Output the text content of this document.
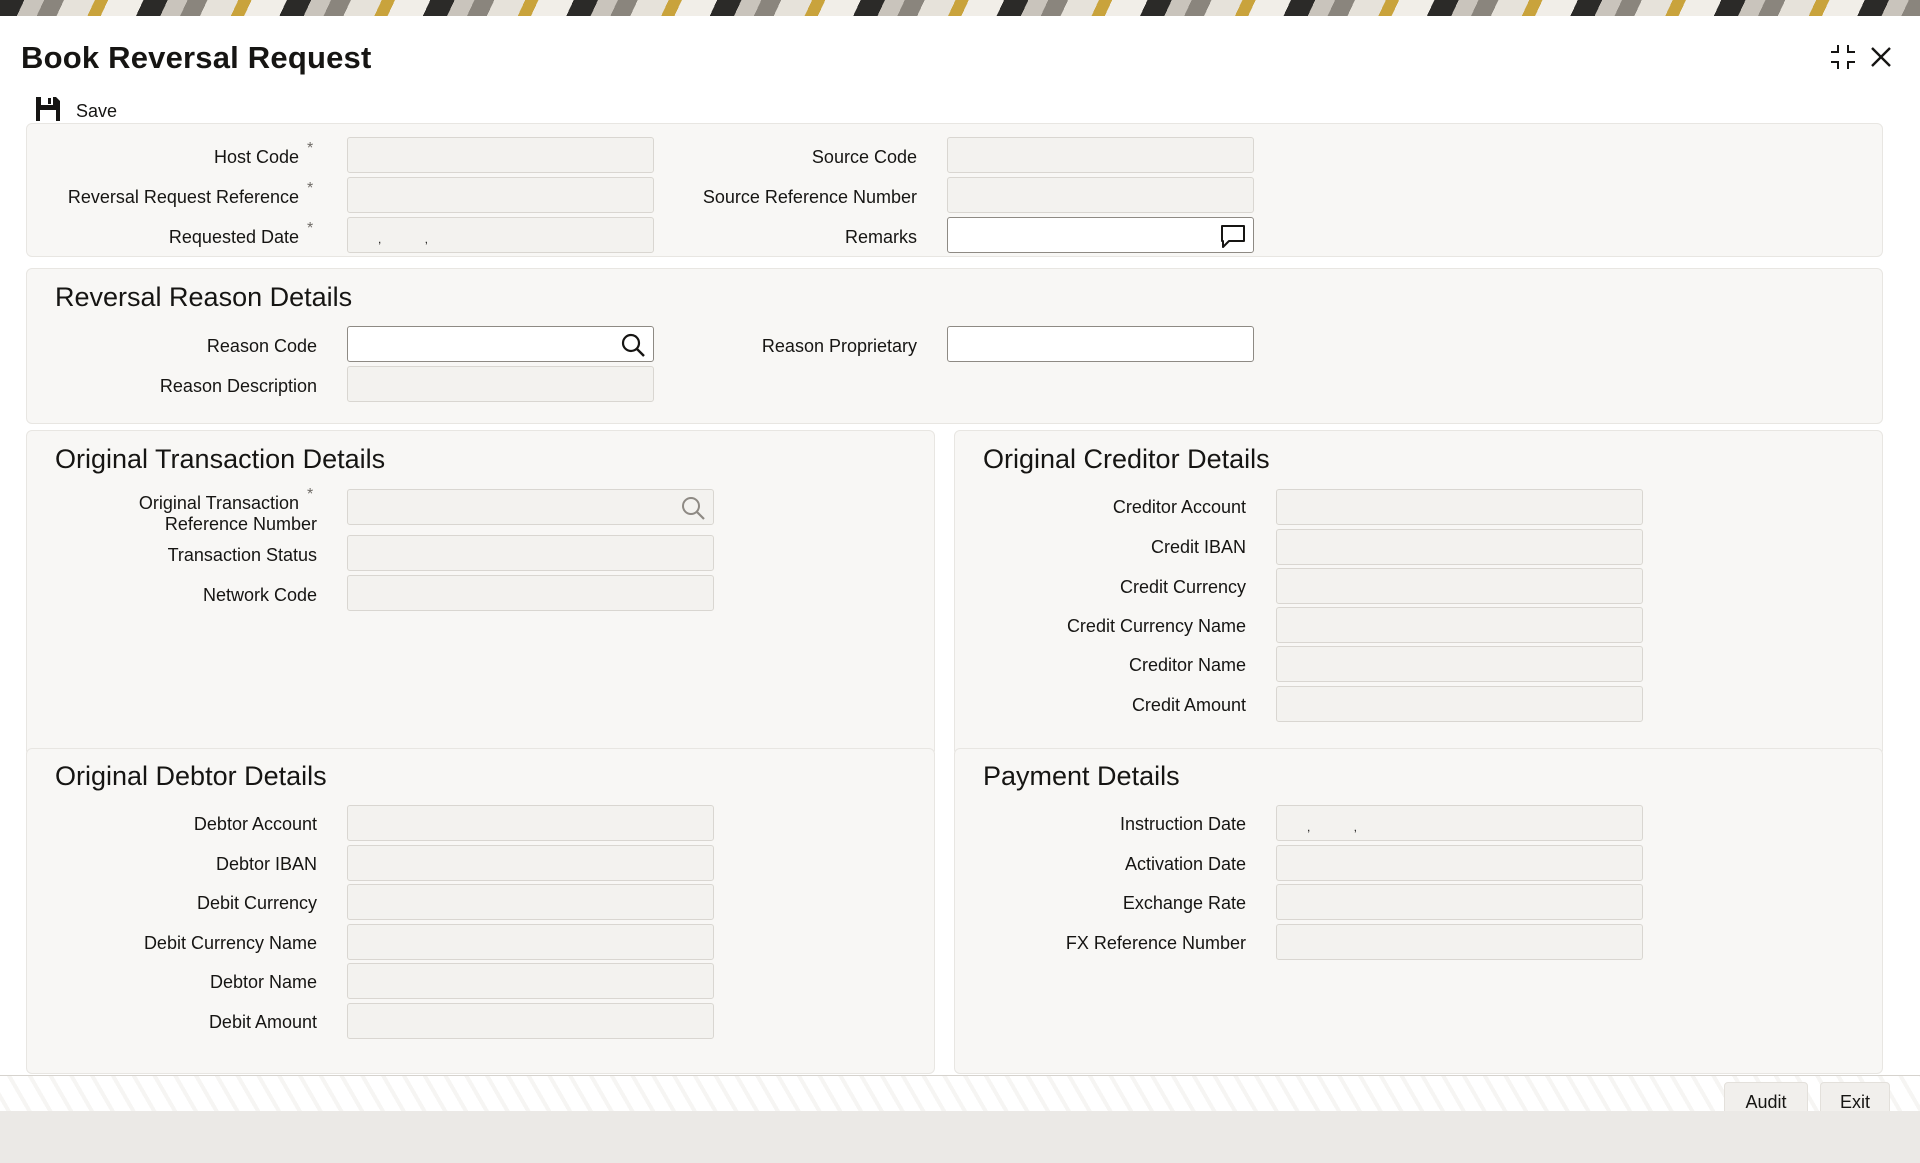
Book Reversal Request
Save
Host Code *
Reversal Request Reference *
Requested Date *
, ,
Source Code
Source Reference Number
Remarks
Reversal Reason Details
Reason Code
Reason Description
Reason Proprietary
Original Transaction Details
Original Transaction *
Reference Number
Transaction Status
Network Code
Original Creditor Details
Creditor Account
Credit IBAN
Credit Currency
Credit Currency Name
Creditor Name
Credit Amount
Original Debtor Details
Debtor Account
Debtor IBAN
Debit Currency
Debit Currency Name
Debtor Name
Debit Amount
Payment Details
Instruction Date	, ,
Activation Date
Exchange Rate
FX Reference Number
Audit	Exit
